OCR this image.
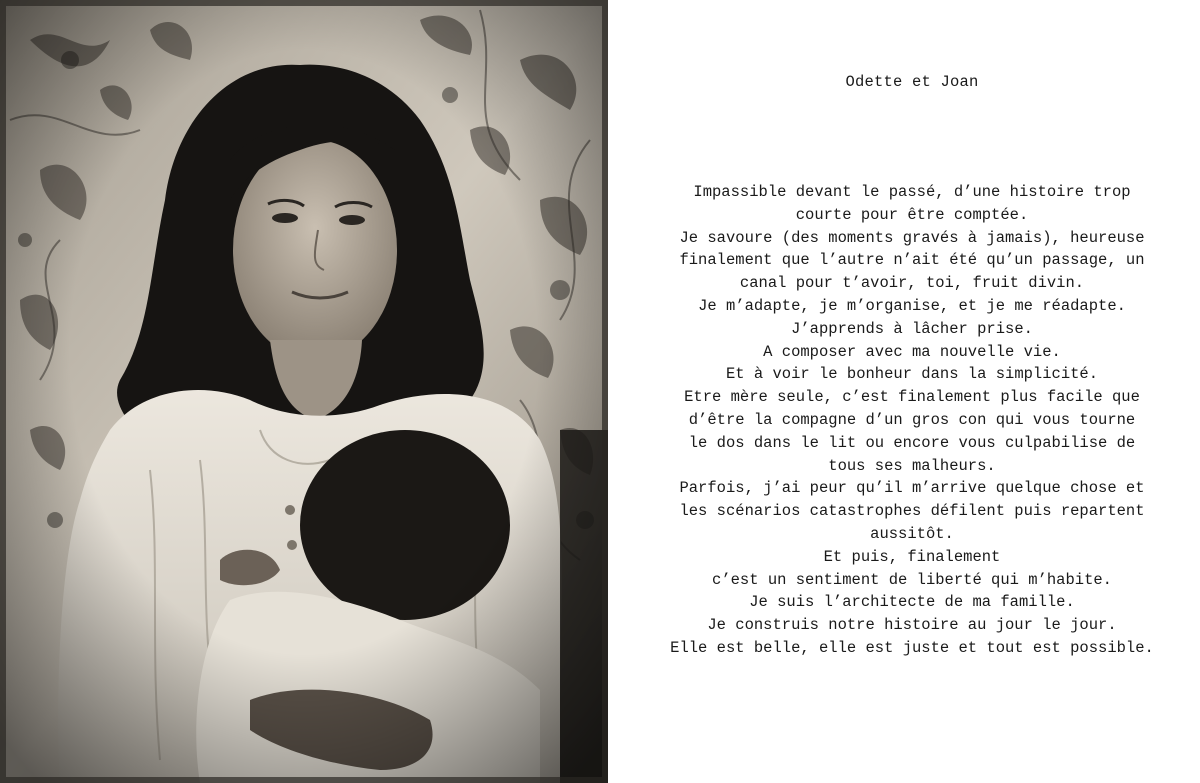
Odette et Joan
Impassible devant le passé, d’une histoire trop
courte pour être comptée.
Je savoure (des moments gravés à jamais), heureuse
finalement que l’autre n’ait été qu’un passage, un
canal pour t’avoir, toi, fruit divin.
Je m’adapte, je m’organise, et je me réadapte.
J’apprends à lâcher prise.
A composer avec ma nouvelle vie.
Et à voir le bonheur dans la simplicité.
Etre mère seule, c’est finalement plus facile que
d’être la compagne d’un gros con qui vous tourne
le dos dans le lit ou encore vous culpabilise de
tous ses malheurs.
Parfois, j’ai peur qu’il m’arrive quelque chose et
les scénarios catastrophes défilent puis repartent
aussitôt.
Et puis, finalement
c’est un sentiment de liberté qui m’habite.
Je suis l’architecte de ma famille.
Je construis notre histoire au jour le jour.
Elle est belle, elle est juste et tout est possible.
